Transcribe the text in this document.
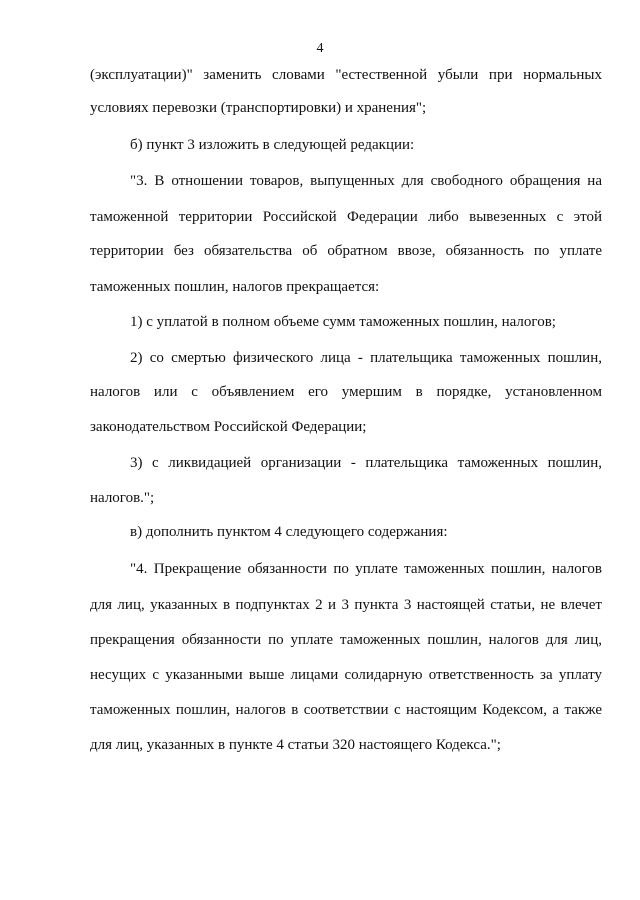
4
(эксплуатации)" заменить словами "естественной убыли при нормальных
условиях перевозки (транспортировки) и хранения";
б) пункт 3 изложить в следующей редакции:
"3. В отношении товаров, выпущенных для свободного обращения на
таможенной территории Российской Федерации либо вывезенных с этой
территории без обязательства об обратном ввозе, обязанность по уплате
таможенных пошлин, налогов прекращается:
1) с уплатой в полном объеме сумм таможенных пошлин, налогов;
2) со смертью физического лица - плательщика таможенных пошлин,
налогов или с объявлением его умершим в порядке, установленном
законодательством Российской Федерации;
3) с ликвидацией организации - плательщика таможенных пошлин,
налогов.";
в) дополнить пунктом 4 следующего содержания:
"4. Прекращение обязанности по уплате таможенных пошлин, налогов
для лиц, указанных в подпунктах 2 и 3 пункта 3 настоящей статьи, не влечет
прекращения обязанности по уплате таможенных пошлин, налогов для лиц,
несущих с указанными выше лицами солидарную ответственность за уплату
таможенных пошлин, налогов в соответствии с настоящим Кодексом, а также
для лиц, указанных в пункте 4 статьи 320 настоящего Кодекса.";
